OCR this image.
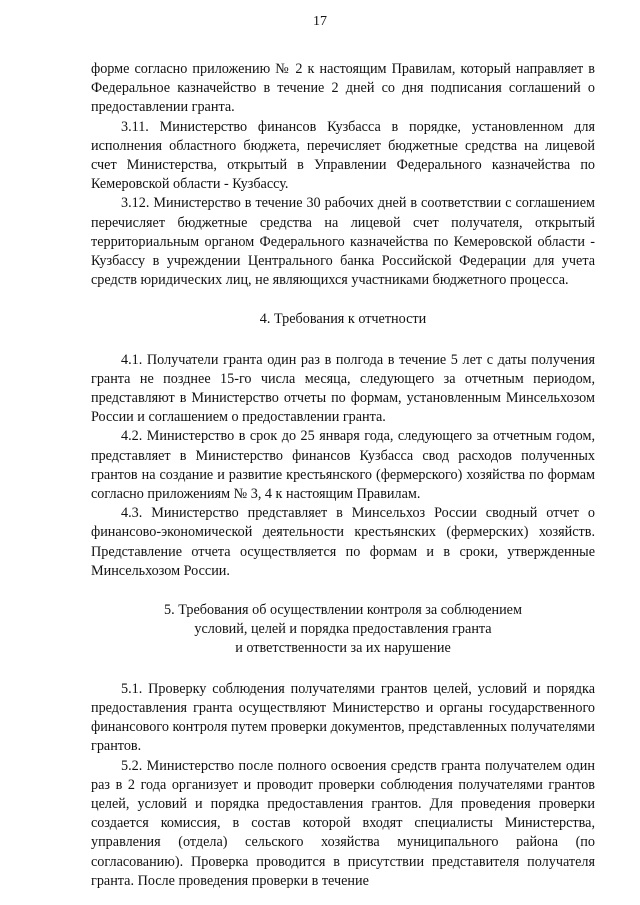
17

форме согласно приложению № 2 к настоящим Правилам, который направляет в Федеральное казначейство в течение 2 дней со дня подписания соглашений о предоставлении гранта.

3.11. Министерство финансов Кузбасса в порядке, установленном для исполнения областного бюджета, перечисляет бюджетные средства на лицевой счет Министерства, открытый в Управлении Федерального казначейства по Кемеровской области - Кузбассу.

3.12. Министерство в течение 30 рабочих дней в соответствии с соглашением перечисляет бюджетные средства на лицевой счет получателя, открытый территориальным органом Федерального казначейства по Кемеровской области - Кузбассу в учреждении Центрального банка Российской Федерации для учета средств юридических лиц, не являющихся участниками бюджетного процесса.

4. Требования к отчетности

4.1. Получатели гранта один раз в полгода в течение 5 лет с даты получения гранта не позднее 15-го числа месяца, следующего за отчетным периодом, представляют в Министерство отчеты по формам, установленным Минсельхозом России и соглашением о предоставлении гранта.

4.2. Министерство в срок до 25 января года, следующего за отчетным годом, представляет в Министерство финансов Кузбасса свод расходов полученных грантов на создание и развитие крестьянского (фермерского) хозяйства по формам согласно приложениям № 3, 4 к настоящим Правилам.

4.3. Министерство представляет в Минсельхоз России сводный отчет о финансово-экономической деятельности крестьянских (фермерских) хозяйств. Представление отчета осуществляется по формам и в сроки, утвержденные Минсельхозом России.

5. Требования об осуществлении контроля за соблюдением

условий, целей и порядка предоставления гранта

и ответственности за их нарушение

5.1. Проверку соблюдения получателями грантов целей, условий и порядка предоставления гранта осуществляют Министерство и органы государственного финансового контроля путем проверки документов, представленных получателями грантов.

5.2. Министерство после полного освоения средств гранта получателем один раз в 2 года организует и проводит проверки соблюдения получателями грантов целей, условий и порядка предоставления грантов. Для проведения проверки создается комиссия, в состав которой входят специалисты Министерства, управления (отдела) сельского хозяйства муниципального района (по согласованию). Проверка проводится в присутствии представителя получателя гранта. После проведения проверки в течение
